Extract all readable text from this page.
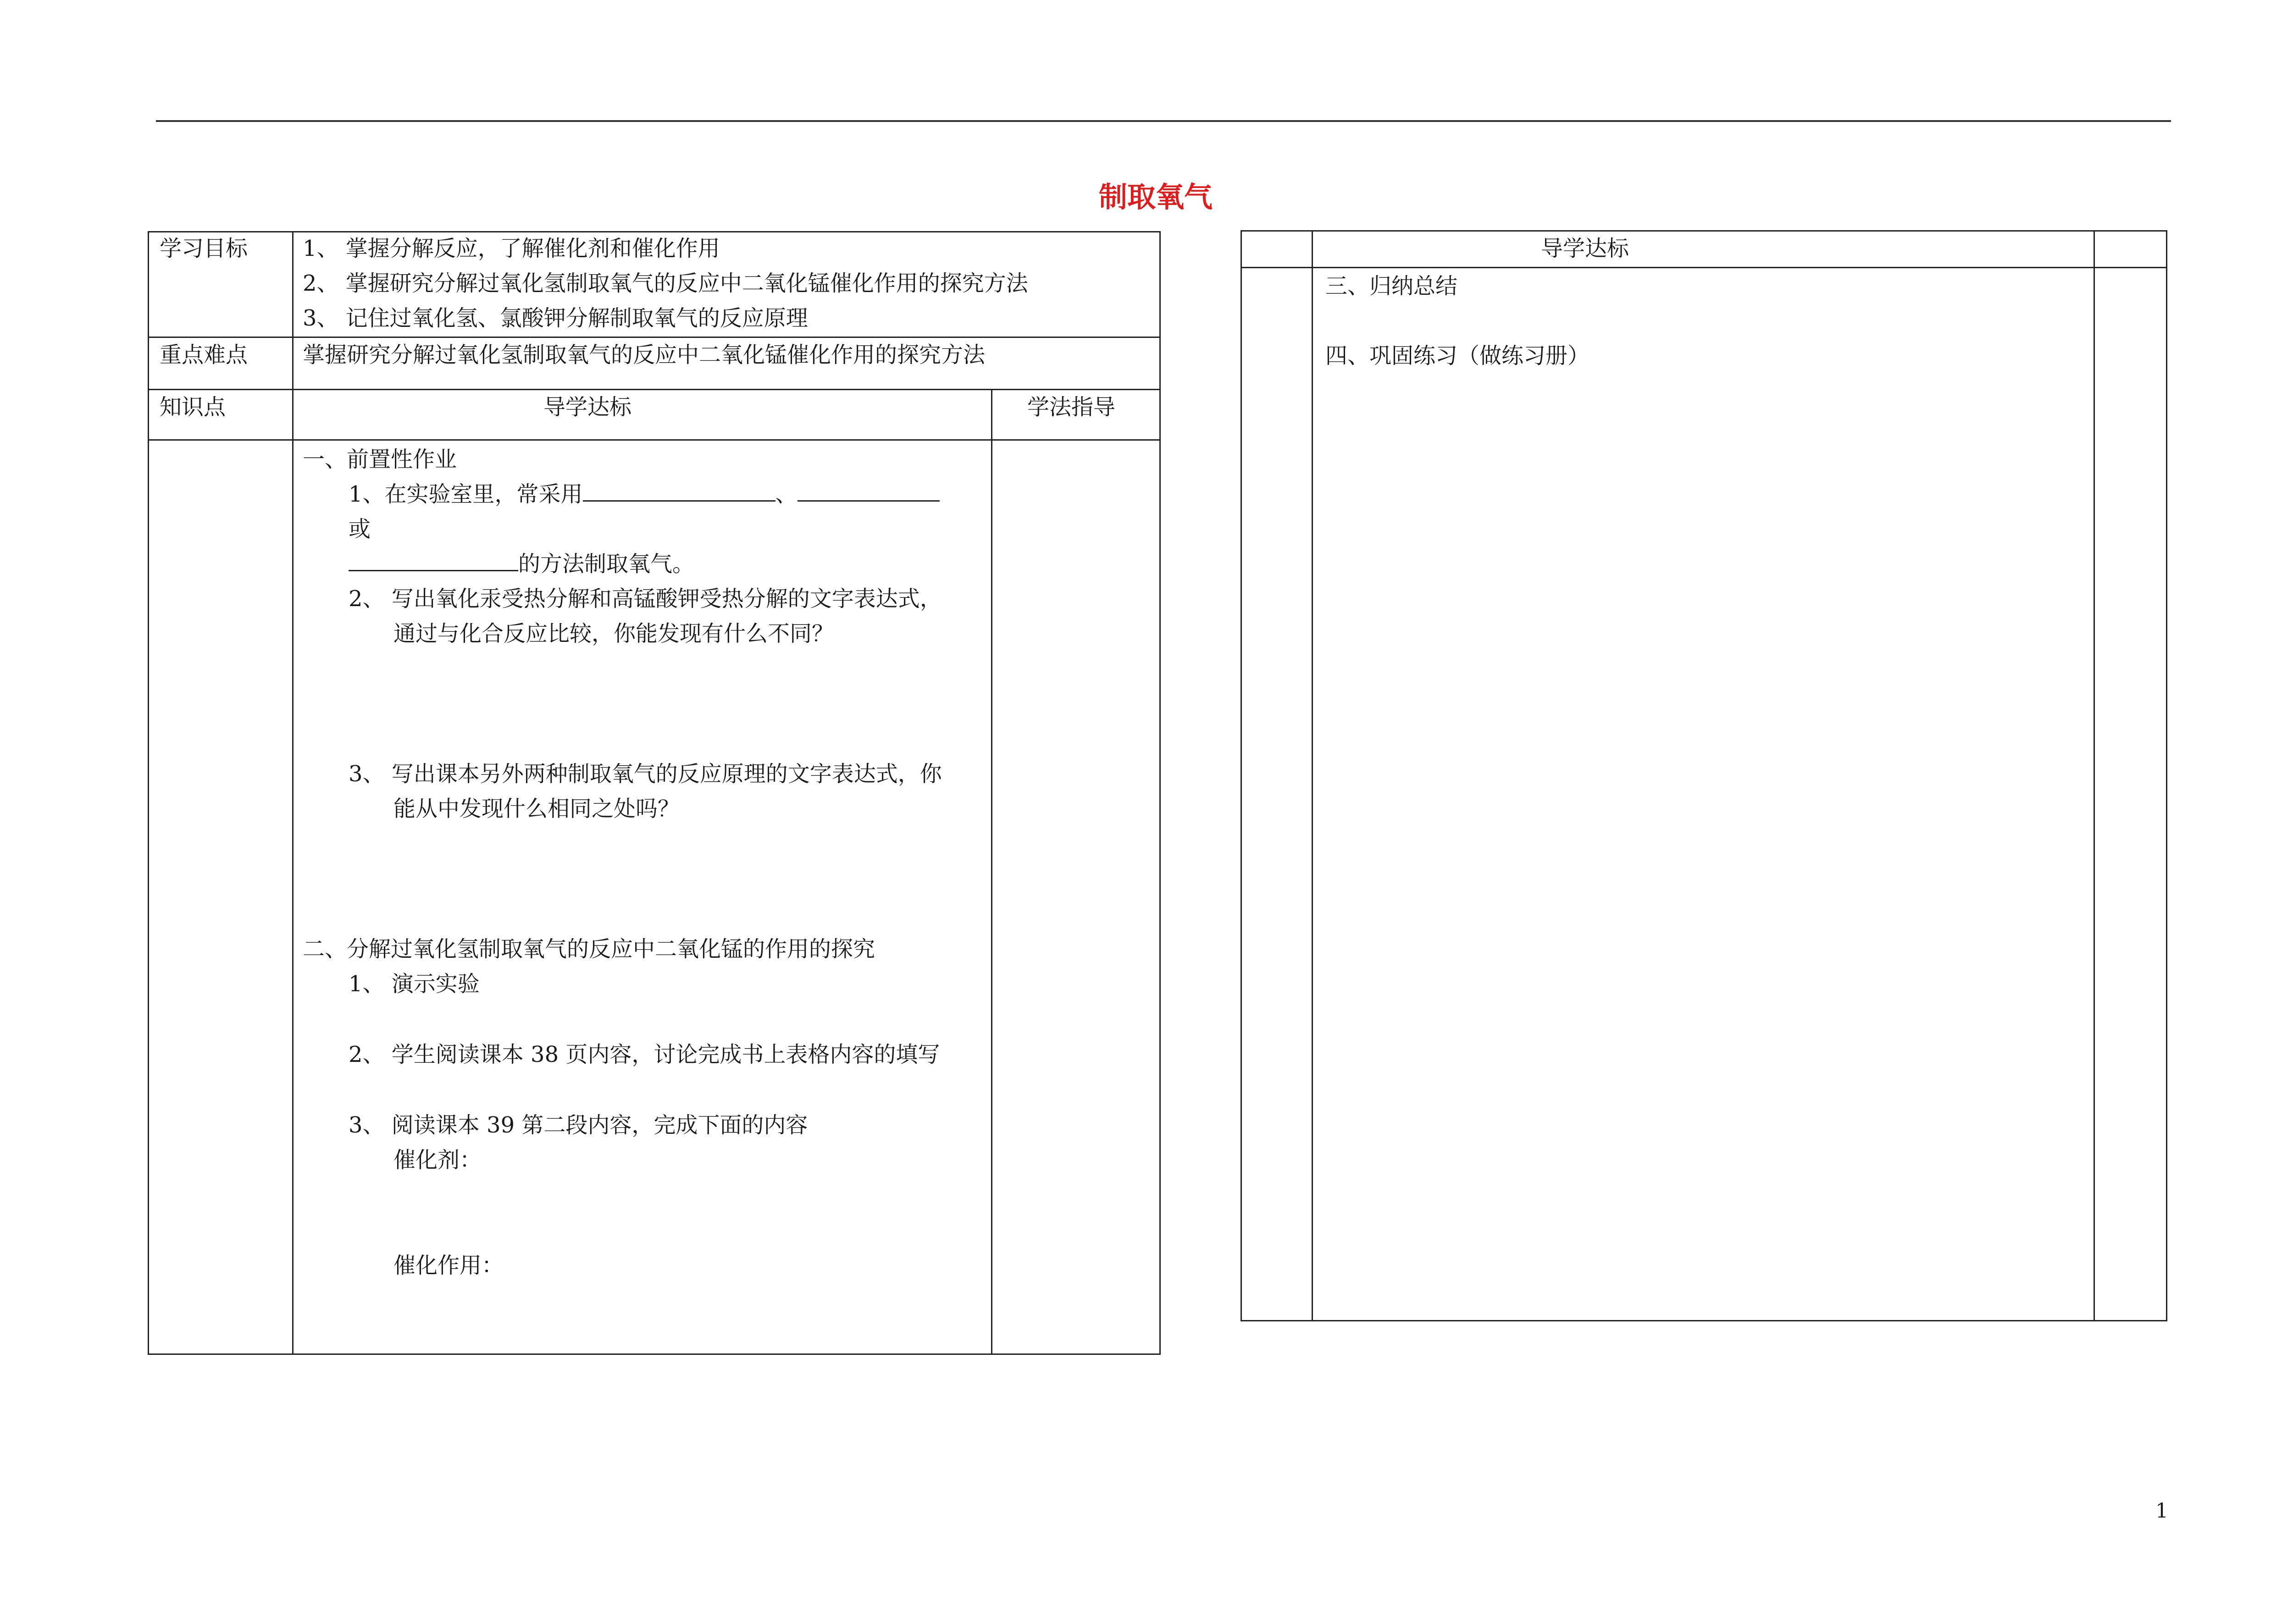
制取氧气
学习目标 1、 掌握分解反应，了解催化剂和催化作用
2、 掌握研究分解过氧化氢制取氧气的反应中二氧化锰催化作用的探究方法
3、 记住过氧化氢、氯酸钾分解制取氧气的反应原理
重点难点 掌握研究分解过氧化氢制取氧气的反应中二氧化锰催化作用的探究方法
知识点	导学达标	学法指导
一、前置性作业
1、在实验室里，常采用	、
或
的方法制取氧气。
2、 写出氧化汞受热分解和高锰酸钾受热分解的文字表达式，
通过与化合反应比较，你能发现有什么不同？
3、 写出课本另外两种制取氧气的反应原理的文字表达式，你
能从中发现什么相同之处吗？
二、分解过氧化氢制取氧气的反应中二氧化锰的作用的探究
1、 演示实验
2、 学生阅读课本 38 页内容，讨论完成书上表格内容的填写
3、 阅读课本 39 第二段内容，完成下面的内容
催化剂：
催化作用：
导学达标
三、归纳总结
四、巩固练习（做练习册）
1
